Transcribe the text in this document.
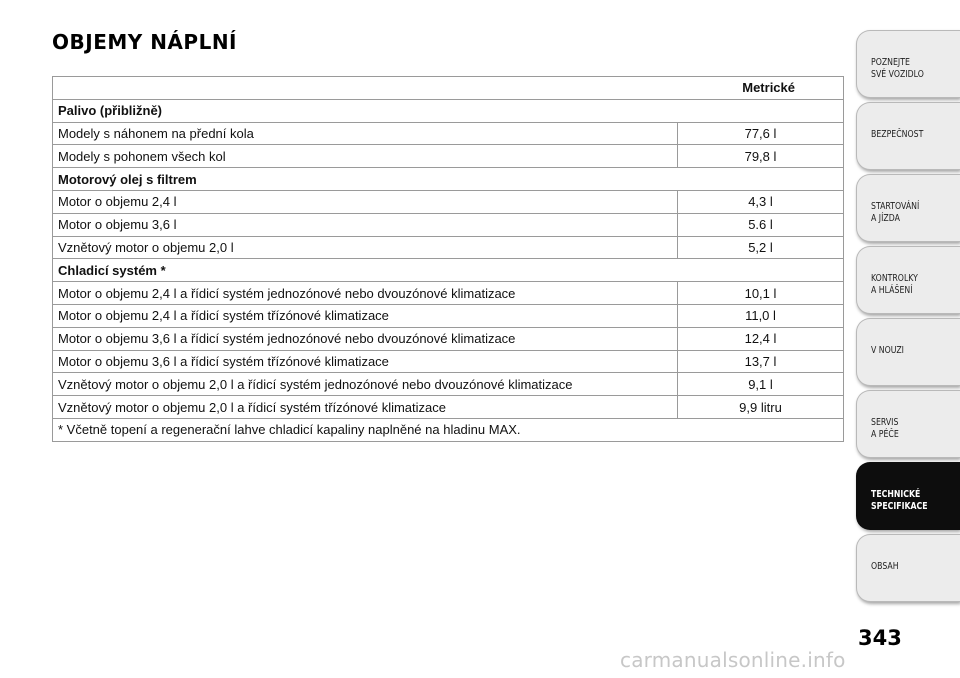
OBJEMY NÁPLNÍ
Metrické	
Palivo (přibližně)	
Modely s náhonem na přední kola	77,6 l
Modely s pohonem všech kol	79,8 l
Motorový olej s filtrem	
Motor o objemu 2,4 l	4,3 l
Motor o objemu 3,6 l	5.6 l
Vznětový motor o objemu 2,0 l	5,2 l
Chladicí systém *	
Motor o objemu 2,4 l a řídicí systém jednozónové nebo dvouzónové klimatizace	10,1 l
Motor o objemu 2,4 l a řídicí systém třízónové klimatizace	11,0 l
Motor o objemu 3,6 l a řídicí systém jednozónové nebo dvouzónové klimatizace	12,4 l
Motor o objemu 3,6 l a řídicí systém třízónové klimatizace	13,7 l
Vznětový motor o objemu 2,0 l a řídicí systém jednozónové nebo dvouzónové klimatizace	9,1 l
Vznětový motor o objemu 2,0 l a řídicí systém třízónové klimatizace	9,9 litru
* Včetně topení a regenerační lahve chladicí kapaliny naplněné na hladinu MAX.	
POZNEJTE
SVÉ VOZIDLO
BEZPEČNOST
STARTOVÁNÍ
A JÍZDA
KONTROLKY
A HLÁŠENÍ
V NOUZI
SERVIS
A PÉČE
TECHNICKÉ
SPECIFIKACE
OBSAH
343
carmanualsonline.info
